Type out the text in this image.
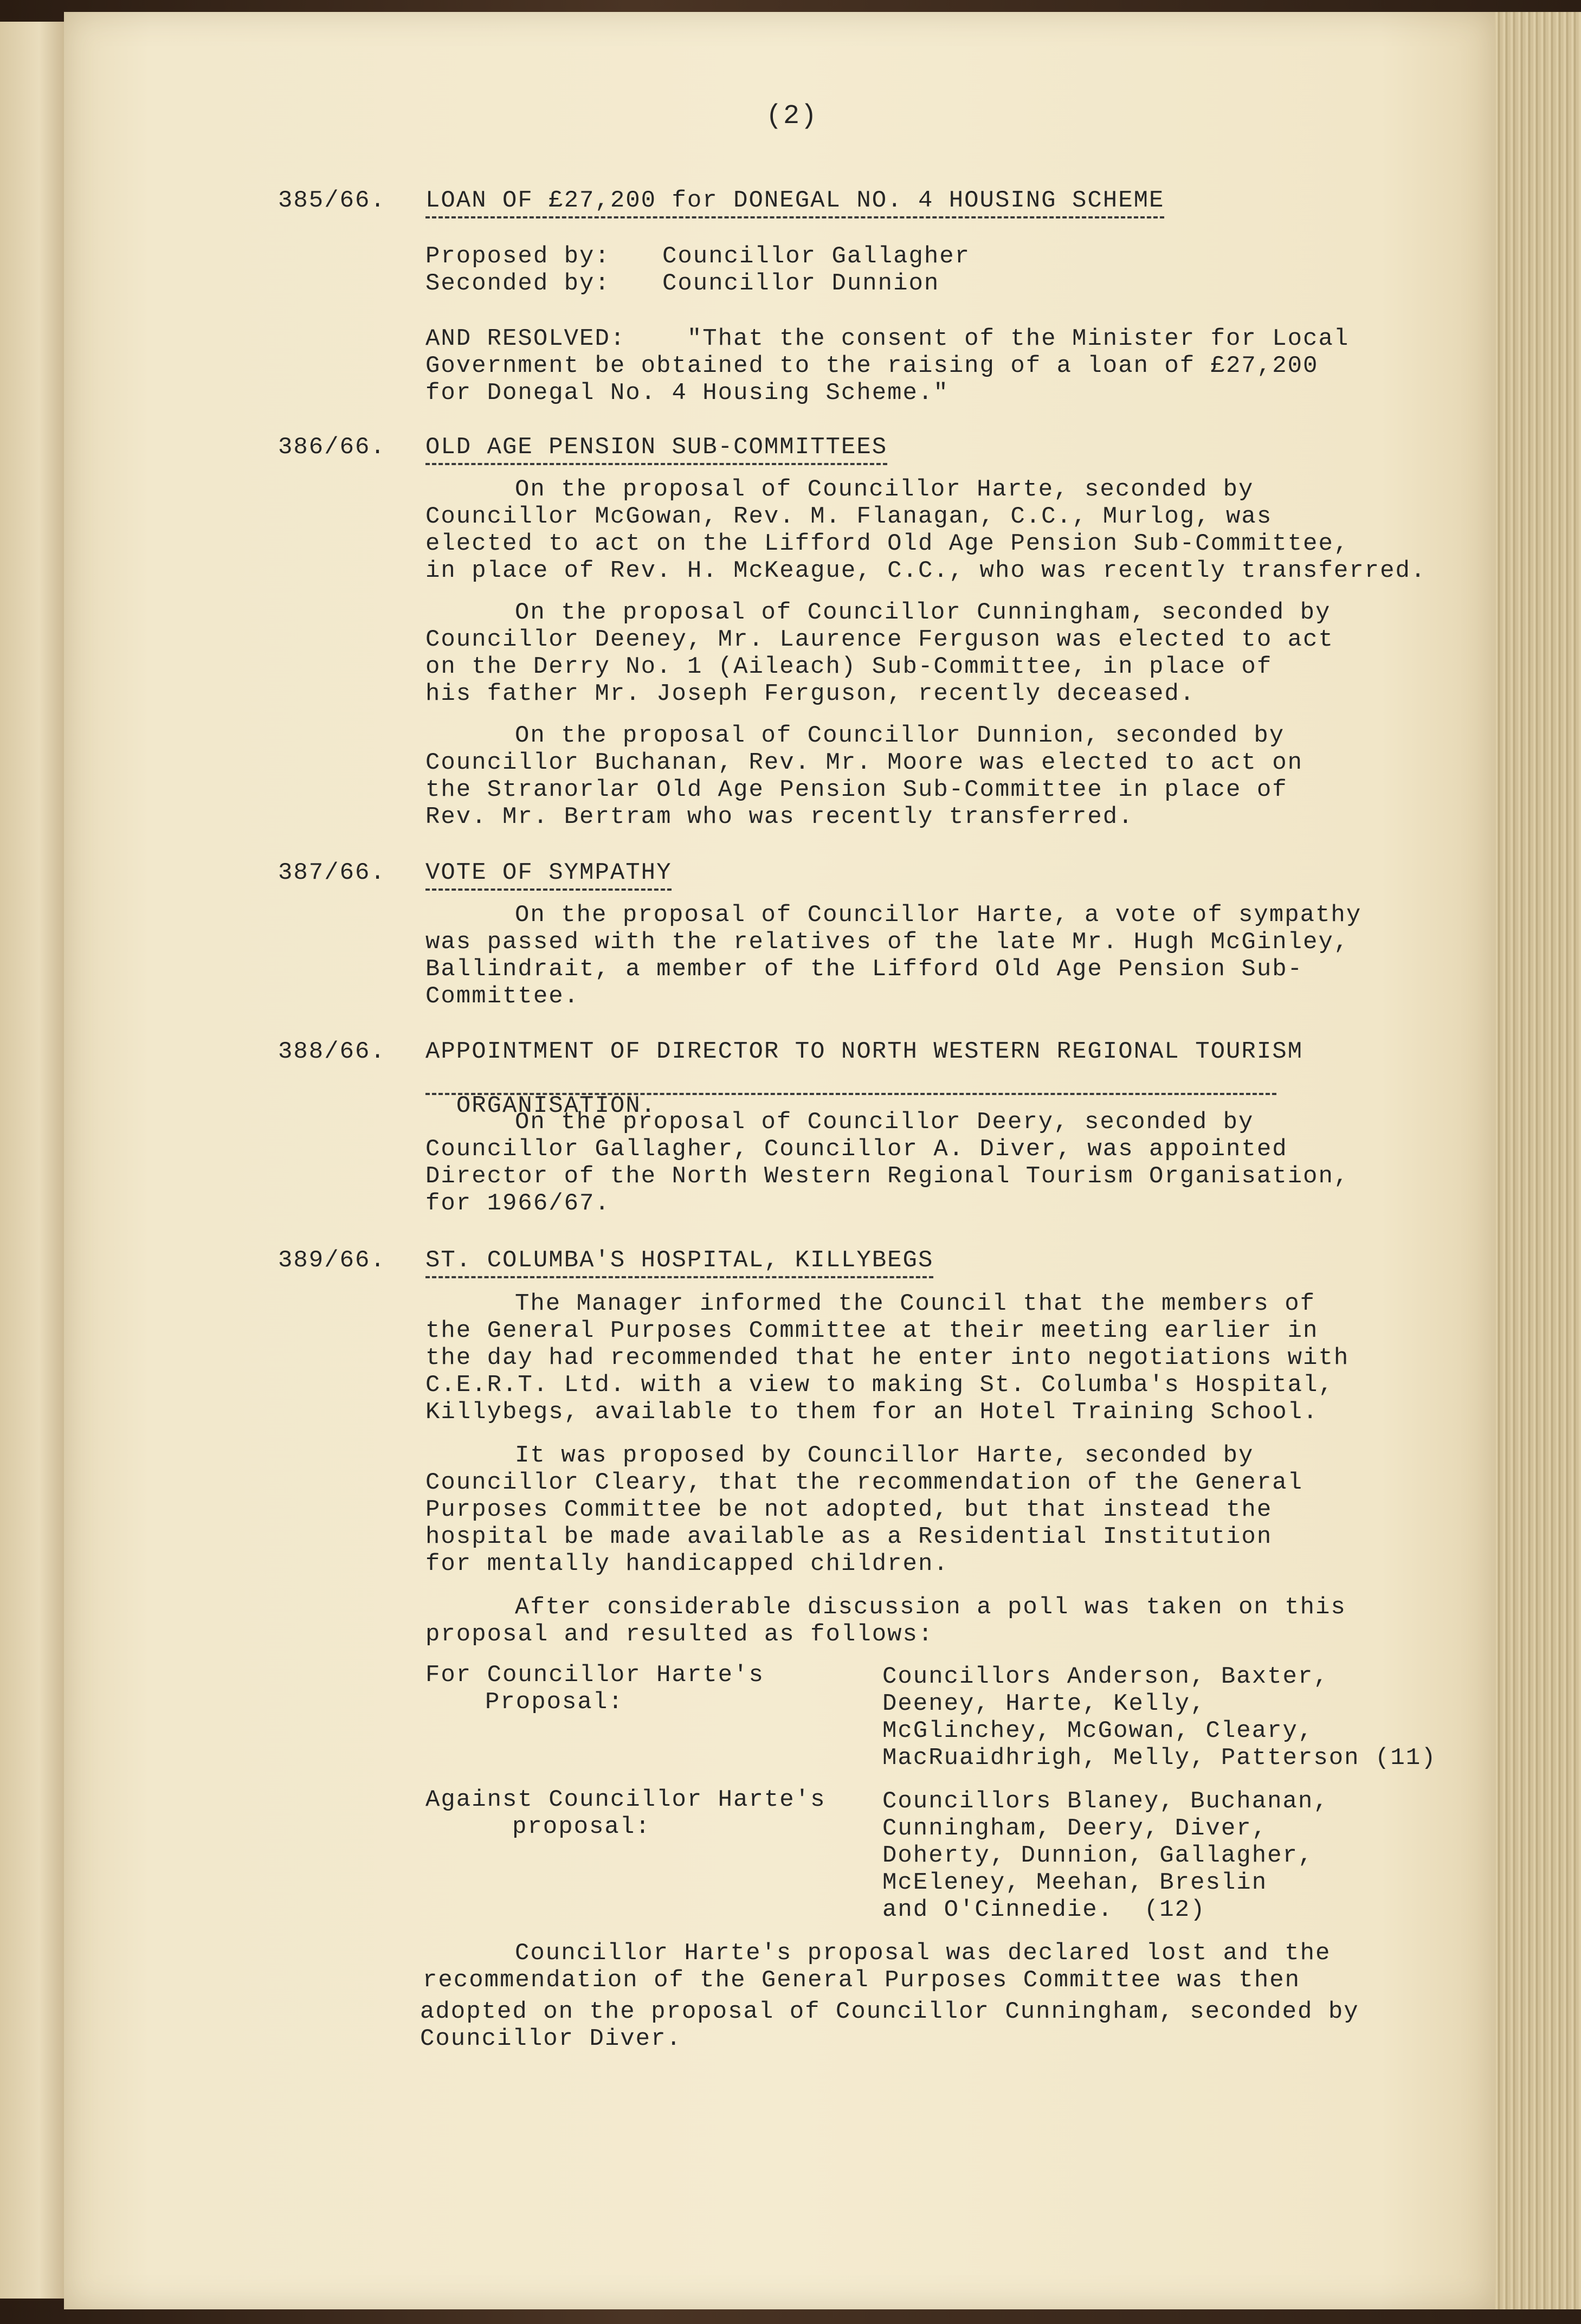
(2)
385/66. LOAN OF £27,200 for DONEGAL NO. 4 HOUSING SCHEME
Proposed by: Councillor Gallagher
Seconded by: Councillor Dunnion
AND RESOLVED:    "That the consent of the Minister for Local
Government be obtained to the raising of a loan of £27,200
for Donegal No. 4 Housing Scheme."
386/66. OLD AGE PENSION SUB-COMMITTEES
On the proposal of Councillor Harte, seconded by
Councillor McGowan, Rev. M. Flanagan, C.C., Murlog, was
elected to act on the Lifford Old Age Pension Sub-Committee,
in place of Rev. H. McKeague, C.C., who was recently transferred.
On the proposal of Councillor Cunningham, seconded by
Councillor Deeney, Mr. Laurence Ferguson was elected to act
on the Derry No. 1 (Aileach) Sub-Committee, in place of
his father Mr. Joseph Ferguson, recently deceased.
On the proposal of Councillor Dunnion, seconded by
Councillor Buchanan, Rev. Mr. Moore was elected to act on
the Stranorlar Old Age Pension Sub-Committee in place of
Rev. Mr. Bertram who was recently transferred.
387/66. VOTE OF SYMPATHY
On the proposal of Councillor Harte, a vote of sympathy
was passed with the relatives of the late Mr. Hugh McGinley,
Ballindrait, a member of the Lifford Old Age Pension Sub-
Committee.
388/66. APPOINTMENT OF DIRECTOR TO NORTH WESTERN REGIONAL TOURISM

ORGANISATION.

On the proposal of Councillor Deery, seconded by
Councillor Gallagher, Councillor A. Diver, was appointed
Director of the North Western Regional Tourism Organisation,
for 1966/67.
389/66. ST. COLUMBA'S HOSPITAL, KILLYBEGS
The Manager informed the Council that the members of
the General Purposes Committee at their meeting earlier in
the day had recommended that he enter into negotiations with
C.E.R.T. Ltd. with a view to making St. Columba's Hospital,
Killybegs, available to them for an Hotel Training School.
It was proposed by Councillor Harte, seconded by
Councillor Cleary, that the recommendation of the General
Purposes Committee be not adopted, but that instead the
hospital be made available as a Residential Institution
for mentally handicapped children.
After considerable discussion a poll was taken on this
proposal and resulted as follows:
For Councillor Harte's
Proposal:
Councillors Anderson, Baxter,
Deeney, Harte, Kelly,
McGlinchey, McGowan, Cleary,
MacRuaidhrigh, Melly, Patterson (11)
Against Councillor Harte's
proposal:
Councillors Blaney, Buchanan,
Cunningham, Deery, Diver,
Doherty, Dunnion, Gallagher,
McEleney, Meehan, Breslin
and O'Cinnedie.  (12)
Councillor Harte's proposal was declared lost and the
recommendation of the General Purposes Committee was then
adopted on the proposal of Councillor Cunningham, seconded by
Councillor Diver.
